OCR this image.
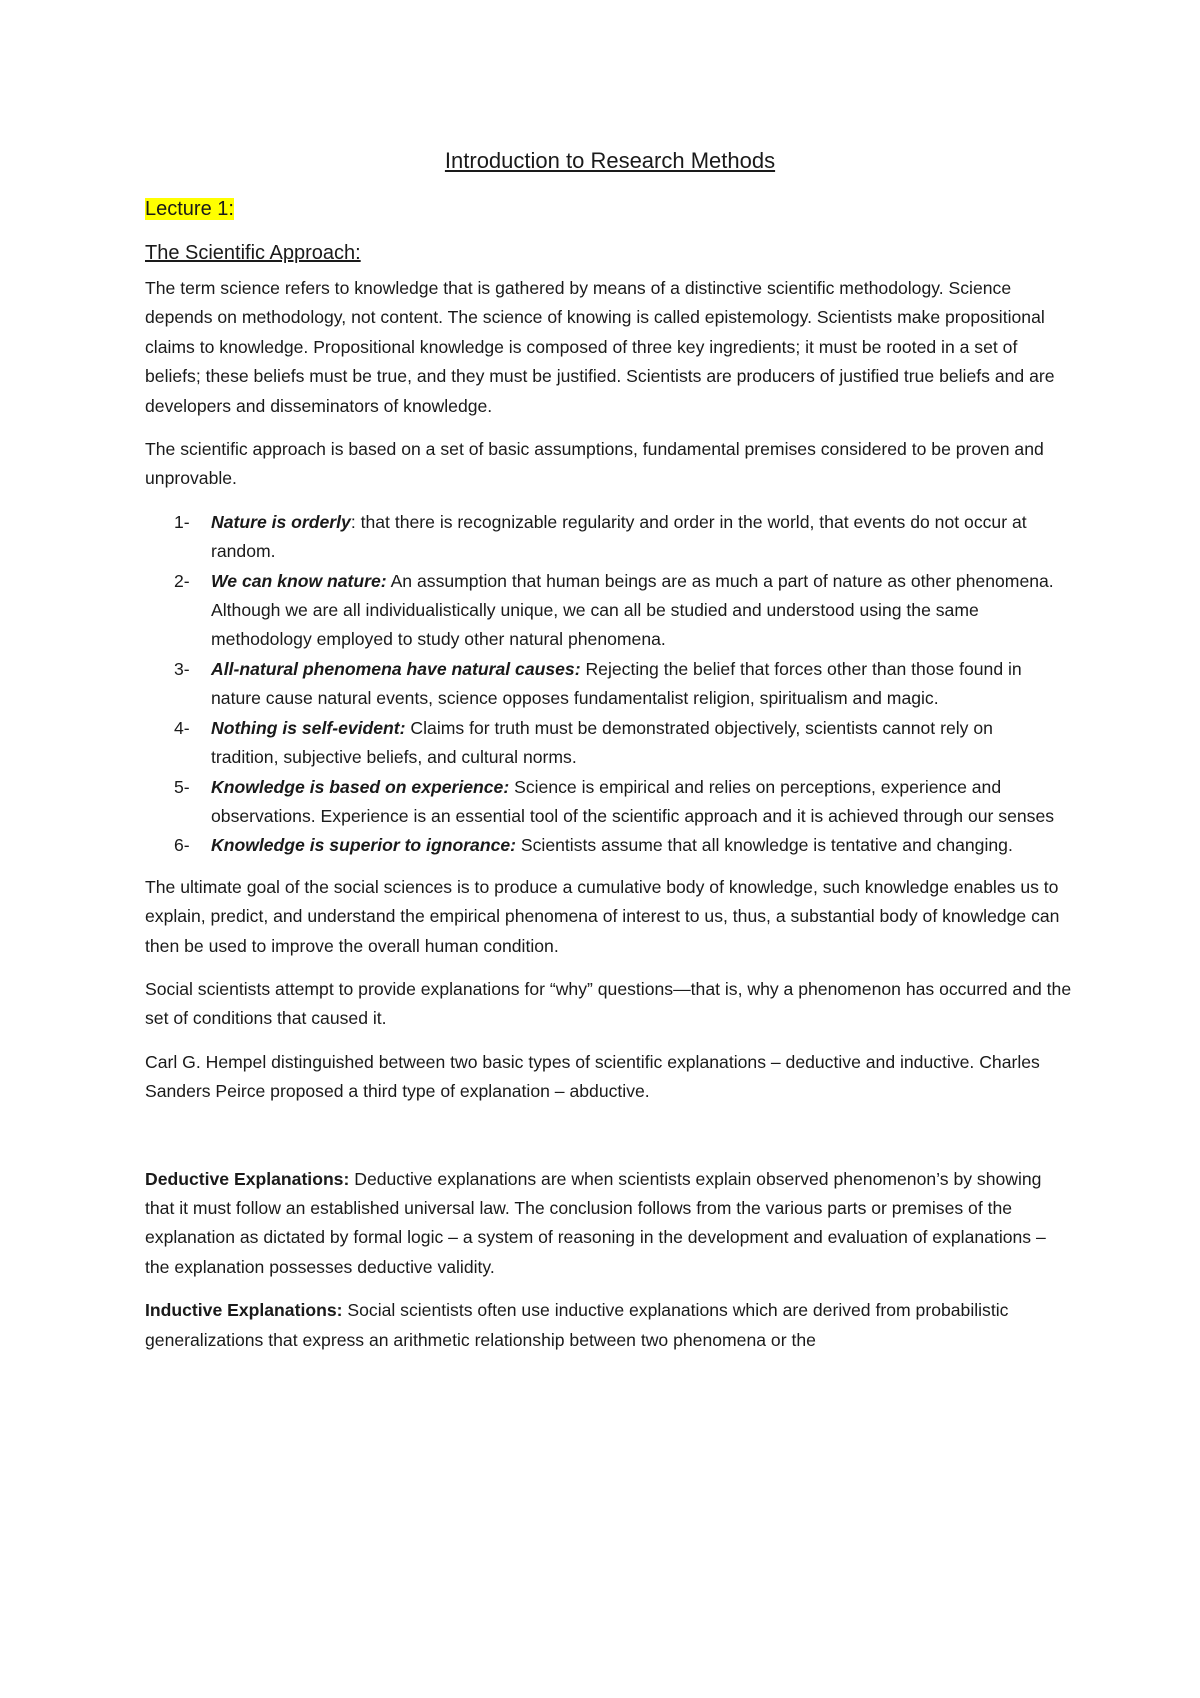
Introduction to Research Methods
Lecture 1:
The Scientific Approach:

The term science refers to knowledge that is gathered by means of a distinctive scientific methodology. Science depends on methodology, not content. The science of knowing is called epistemology. Scientists make propositional claims to knowledge. Propositional knowledge is composed of three key ingredients; it must be rooted in a set of beliefs; these beliefs must be true, and they must be justified. Scientists are producers of justified true beliefs and are developers and disseminators of knowledge.

The scientific approach is based on a set of basic assumptions, fundamental premises considered to be proven and unprovable.

1- Nature is orderly: that there is recognizable regularity and order in the world, that events do not occur at random.
2- We can know nature: An assumption that human beings are as much a part of nature as other phenomena. Although we are all individualistically unique, we can all be studied and understood using the same methodology employed to study other natural phenomena.
3- All-natural phenomena have natural causes: Rejecting the belief that forces other than those found in nature cause natural events, science opposes fundamentalist religion, spiritualism and magic.
4- Nothing is self-evident: Claims for truth must be demonstrated objectively, scientists cannot rely on tradition, subjective beliefs, and cultural norms.
5- Knowledge is based on experience: Science is empirical and relies on perceptions, experience and observations. Experience is an essential tool of the scientific approach and it is achieved through our senses
6- Knowledge is superior to ignorance: Scientists assume that all knowledge is tentative and changing.

The ultimate goal of the social sciences is to produce a cumulative body of knowledge, such knowledge enables us to explain, predict, and understand the empirical phenomena of interest to us, thus, a substantial body of knowledge can then be used to improve the overall human condition.

Social scientists attempt to provide explanations for “why” questions—that is, why a phenomenon has occurred and the set of conditions that caused it.

Carl G. Hempel distinguished between two basic types of scientific explanations – deductive and inductive. Charles Sanders Peirce proposed a third type of explanation – abductive.

Deductive Explanations: Deductive explanations are when scientists explain observed phenomenon’s by showing that it must follow an established universal law. The conclusion follows from the various parts or premises of the explanation as dictated by formal logic – a system of reasoning in the development and evaluation of explanations – the explanation possesses deductive validity.

Inductive Explanations: Social scientists often use inductive explanations which are derived from probabilistic generalizations that express an arithmetic relationship between two phenomena or the
